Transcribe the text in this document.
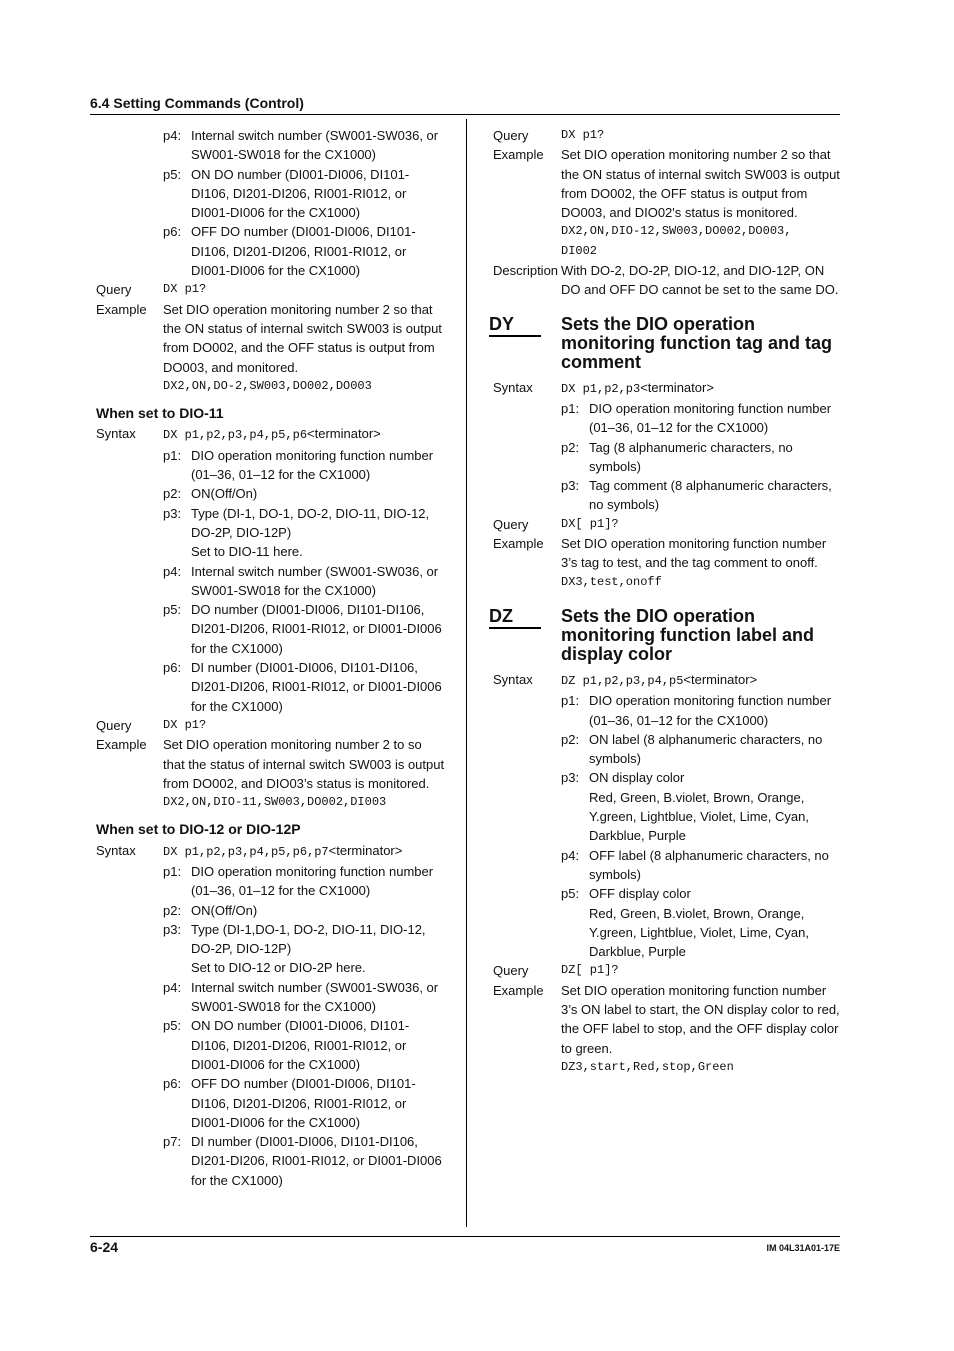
6.4 Setting Commands (Control)
p4: Internal switch number (SW001-SW036, or SW001-SW018 for the CX1000)
p5: ON DO number (DI001-DI006, DI101-DI106, DI201-DI206, RI001-RI012, or DI001-DI006 for the CX1000)
p6: OFF DO number (DI001-DI006, DI101-DI106, DI201-DI206, RI001-RI012, or DI001-DI006 for the CX1000)
Query	DX p1?
Example	Set DIO operation monitoring number 2 so that the ON status of internal switch SW003 is output from DO002, and the OFF status is output from DO003, and monitored.
DX2,ON,DO-2,SW003,DO002,DO003
When set to DIO-11
Syntax	DX p1,p2,p3,p4,p5,p6<terminator>
p1: DIO operation monitoring function number (01–36, 01–12 for the CX1000)
p2: ON(Off/On)
p3: Type (DI-1, DO-1, DO-2, DIO-11, DIO-12, DO-2P, DIO-12P)
Set to DIO-11 here.
p4: Internal switch number (SW001-SW036, or SW001-SW018 for the CX1000)
p5: DO number (DI001-DI006, DI101-DI106, DI201-DI206, RI001-RI012, or DI001-DI006 for the CX1000)
p6: DI number (DI001-DI006, DI101-DI106, DI201-DI206, RI001-RI012, or DI001-DI006 for the CX1000)
Query	DX p1?
Example	Set DIO operation monitoring number 2 to so that the status of internal switch SW003 is output from DO002, and DIO03’s status is monitored.
DX2,ON,DIO-11,SW003,DO002,DI003
When set to DIO-12 or DIO-12P
Syntax	DX p1,p2,p3,p4,p5,p6,p7<terminator>
p1: DIO operation monitoring function number (01–36, 01–12 for the CX1000)
p2: ON(Off/On)
p3: Type (DI-1,DO-1, DO-2, DIO-11, DIO-12, DO-2P, DIO-12P)
Set to DIO-12 or DIO-2P here.
p4: Internal switch number (SW001-SW036, or SW001-SW018 for the CX1000)
p5: ON DO number (DI001-DI006, DI101-DI106, DI201-DI206, RI001-RI012, or DI001-DI006 for the CX1000)
p6: OFF DO number (DI001-DI006, DI101-DI106, DI201-DI206, RI001-RI012, or DI001-DI006 for the CX1000)
p7: DI number (DI001-DI006, DI101-DI106, DI201-DI206, RI001-RI012, or DI001-DI006 for the CX1000)
Query	DX p1?
Example	Set DIO operation monitoring number 2 so that the ON status of internal switch SW003 is output from DO002, the OFF status is output from DO003, and DIO02's status is monitored.
DX2,ON,DIO-12,SW003,DO002,DO003,
DI002
Description With DO-2, DO-2P, DIO-12, and DIO-12P, ON DO and OFF DO cannot be set to the same DO.
DY	Sets the DIO operation monitoring function tag and tag comment
Syntax	DX p1,p2,p3<terminator>
p1: DIO operation monitoring function number (01–36, 01–12 for the CX1000)
p2: Tag (8 alphanumeric characters, no symbols)
p3: Tag comment (8 alphanumeric characters, no symbols)
Query	DX[ p1]?
Example	Set DIO operation monitoring function number 3’s tag to test, and the tag comment to onoff.
DX3,test,onoff
DZ	Sets the DIO operation monitoring function label and display color
Syntax	DZ p1,p2,p3,p4,p5<terminator>
p1: DIO operation monitoring function number (01–36, 01–12 for the CX1000)
p2: ON label (8 alphanumeric characters, no symbols)
p3: ON display color
Red, Green, B.violet, Brown, Orange, Y.green, Lightblue, Violet, Lime, Cyan, Darkblue, Purple
p4: OFF label (8 alphanumeric characters, no symbols)
p5: OFF display color
Red, Green, B.violet, Brown, Orange, Y.green, Lightblue, Violet, Lime, Cyan, Darkblue, Purple
Query	DZ[ p1]?
Example	Set DIO operation monitoring function number 3’s ON label to start, the ON display color to red, the OFF label to stop, and the OFF display color to green.
DZ3,start,Red,stop,Green
6-24	IM 04L31A01-17E
